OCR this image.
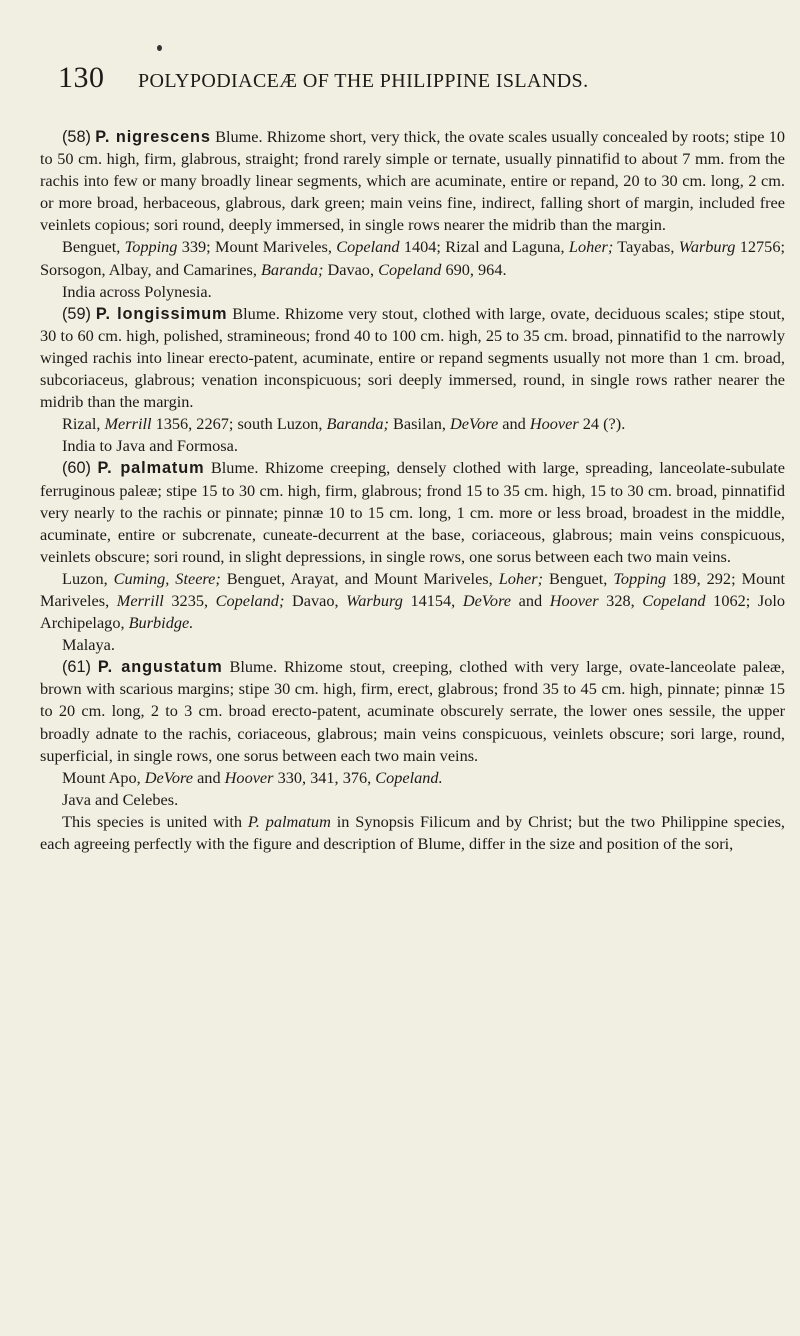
130 POLYPODIACEÆ OF THE PHILIPPINE ISLANDS.

(58) P. nigrescens Blume. Rhizome short, very thick, the ovate scales usually concealed by roots; stipe 10 to 50 cm. high, firm, glabrous, straight; frond rarely simple or ternate, usually pinnatifid to about 7 mm. from the rachis into few or many broadly linear segments, which are acuminate, entire or repand, 20 to 30 cm. long, 2 cm. or more broad, herbaceous, glabrous, dark green; main veins fine, indirect, falling short of margin, included free veinlets copious; sori round, deeply immersed, in single rows nearer the midrib than the margin.

Benguet, Topping 339; Mount Mariveles, Copeland 1404; Rizal and Laguna, Loher; Tayabas, Warburg 12756; Sorsogon, Albay, and Camarines, Baranda; Davao, Copeland 690, 964.

India across Polynesia.

(59) P. longissimum Blume. Rhizome very stout, clothed with large, ovate, deciduous scales; stipe stout, 30 to 60 cm. high, polished, stramineous; frond 40 to 100 cm. high, 25 to 35 cm. broad, pinnatifid to the narrowly winged rachis into linear erecto-patent, acuminate, entire or repand segments usually not more than 1 cm. broad, subcoriaceus, glabrous; venation inconspicuous; sori deeply immersed, round, in single rows rather nearer the midrib than the margin.

Rizal, Merrill 1356, 2267; south Luzon, Baranda; Basilan, DeVore and Hoover 24 (?).

India to Java and Formosa.

(60) P. palmatum Blume. Rhizome creeping, densely clothed with large, spreading, lanceolate-subulate ferruginous paleæ; stipe 15 to 30 cm. high, firm, glabrous; frond 15 to 35 cm. high, 15 to 30 cm. broad, pinnatifid very nearly to the rachis or pinnate; pinnæ 10 to 15 cm. long, 1 cm. more or less broad, broadest in the middle, acuminate, entire or subcrenate, cuneate-decurrent at the base, coriaceous, glabrous; main veins conspicuous, veinlets obscure; sori round, in slight depressions, in single rows, one sorus between each two main veins.

Luzon, Cuming, Steere; Benguet, Arayat, and Mount Mariveles, Loher; Benguet, Topping 189, 292; Mount Mariveles, Merrill 3235, Copeland; Davao, Warburg 14154, DeVore and Hoover 328, Copeland 1062; Jolo Archipelago, Burbidge.

Malaya.

(61) P. angustatum Blume. Rhizome stout, creeping, clothed with very large, ovate-lanceolate paleæ, brown with scarious margins; stipe 30 cm. high, firm, erect, glabrous; frond 35 to 45 cm. high, pinnate; pinnæ 15 to 20 cm. long, 2 to 3 cm. broad erecto-patent, acuminate obscurely serrate, the lower ones sessile, the upper broadly adnate to the rachis, coriaceous, glabrous; main veins conspicuous, veinlets obscure; sori large, round, superficial, in single rows, one sorus between each two main veins.

Mount Apo, DeVore and Hoover 330, 341, 376, Copeland.

Java and Celebes.

This species is united with P. palmatum in Synopsis Filicum and by Christ; but the two Philippine species, each agreeing perfectly with the figure and description of Blume, differ in the size and position of the sori,
